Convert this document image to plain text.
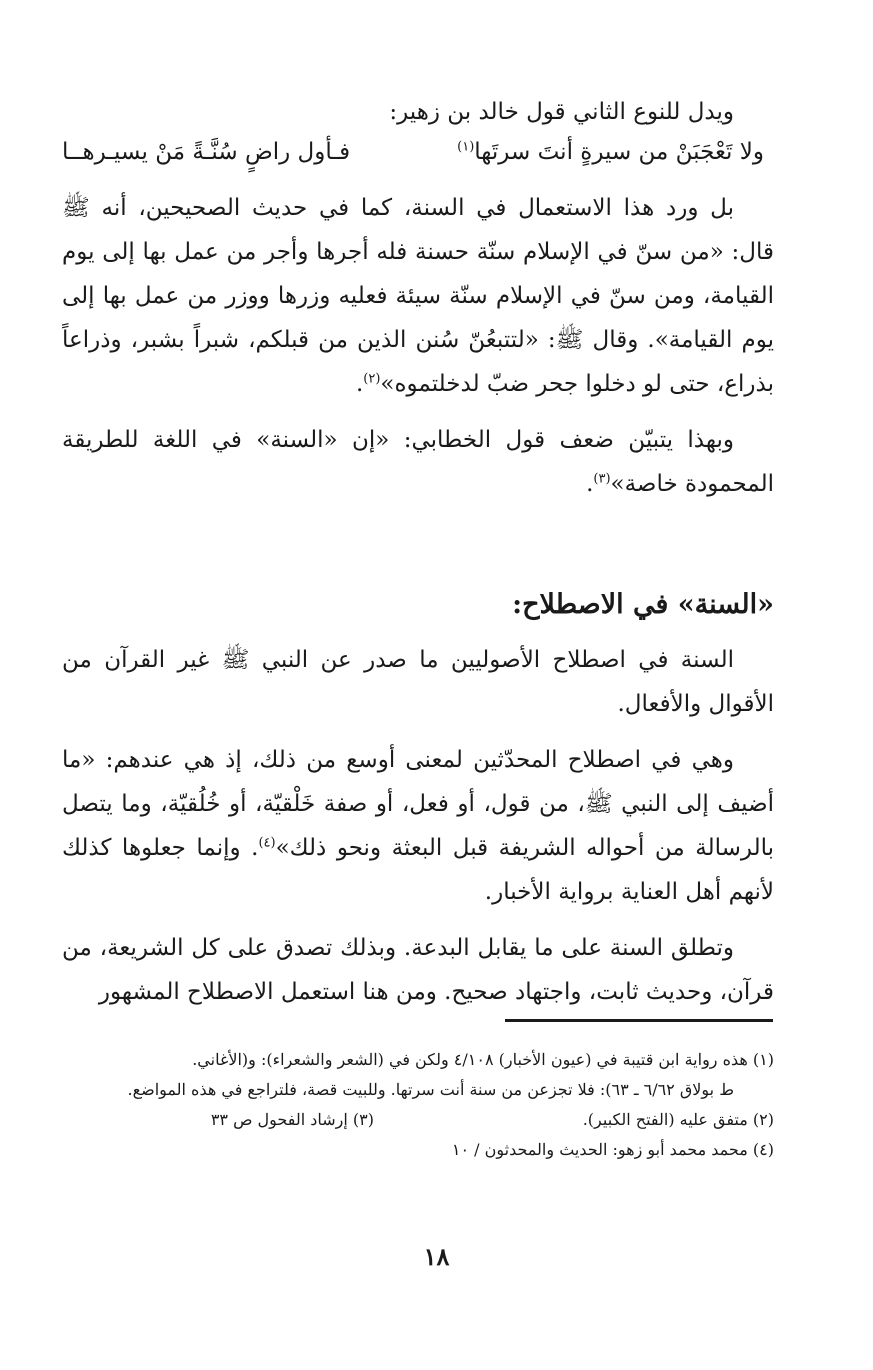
ويدل للنوع الثاني قول خالد بن زهير:

ولا تَعْجَبَنْ من سيرةٍ أنتَ سرتَها$^{(١)}$
فـأول راضٍ سُنَّـةً مَنْ يسيـرهــا

بل ورد هذا الاستعمال في السنة، كما في حديث الصحيحين، أنه ﷺ قال: «من سنّ في الإسلام سنّة حسنة فله أجرها وأجر من عمل بها إلى يوم القيامة، ومن سنّ في الإسلام سنّة سيئة فعليه وزرها ووزر من عمل بها إلى يوم القيامة». وقال ﷺ: «لتتبعُنّ سُنن الذين من قبلكم، شبراً بشبر، وذراعاً بذراع، حتى لو دخلوا جحر ضبّ لدخلتموه»$^{(٢)}$.

وبهذا يتبيّن ضعف قول الخطابي: «إن «السنة» في اللغة للطريقة المحمودة خاصة»$^{(٣)}$.

«السنة» في الاصطلاح:

السنة في اصطلاح الأصوليين ما صدر عن النبي ﷺ غير القرآن من الأقوال والأفعال.

وهي في اصطلاح المحدّثين لمعنى أوسع من ذلك، إذ هي عندهم: «ما أضيف إلى النبي ﷺ، من قول، أو فعل، أو صفة خَلْقيّة، أو خُلُقيّة، وما يتصل بالرسالة من أحواله الشريفة قبل البعثة ونحو ذلك»$^{(٤)}$. وإنما جعلوها كذلك لأنهم أهل العناية برواية الأخبار.

وتطلق السنة على ما يقابل البدعة. وبذلك تصدق على كل الشريعة، من قرآن، وحديث ثابت، واجتهاد صحيح. ومن هنا استعمل الاصطلاح المشهور

(١) هذه رواية ابن قتيبة في (عيون الأخبار) ٤/١٠٨ ولكن في (الشعر والشعراء): و(الأغاني.

ط بولاق ٦/٦٢ ـ ٦٣): فلا تجزعن من سنة أنت سرتها. وللبيت قصة، فلتراجع في هذه المواضع.

(٢) متفق عليه (الفتح الكبير).

(٣) إرشاد الفحول ص ٣٣

(٤) محمد محمد أبو زهو: الحديث والمحدثون / ١٠

١٨
